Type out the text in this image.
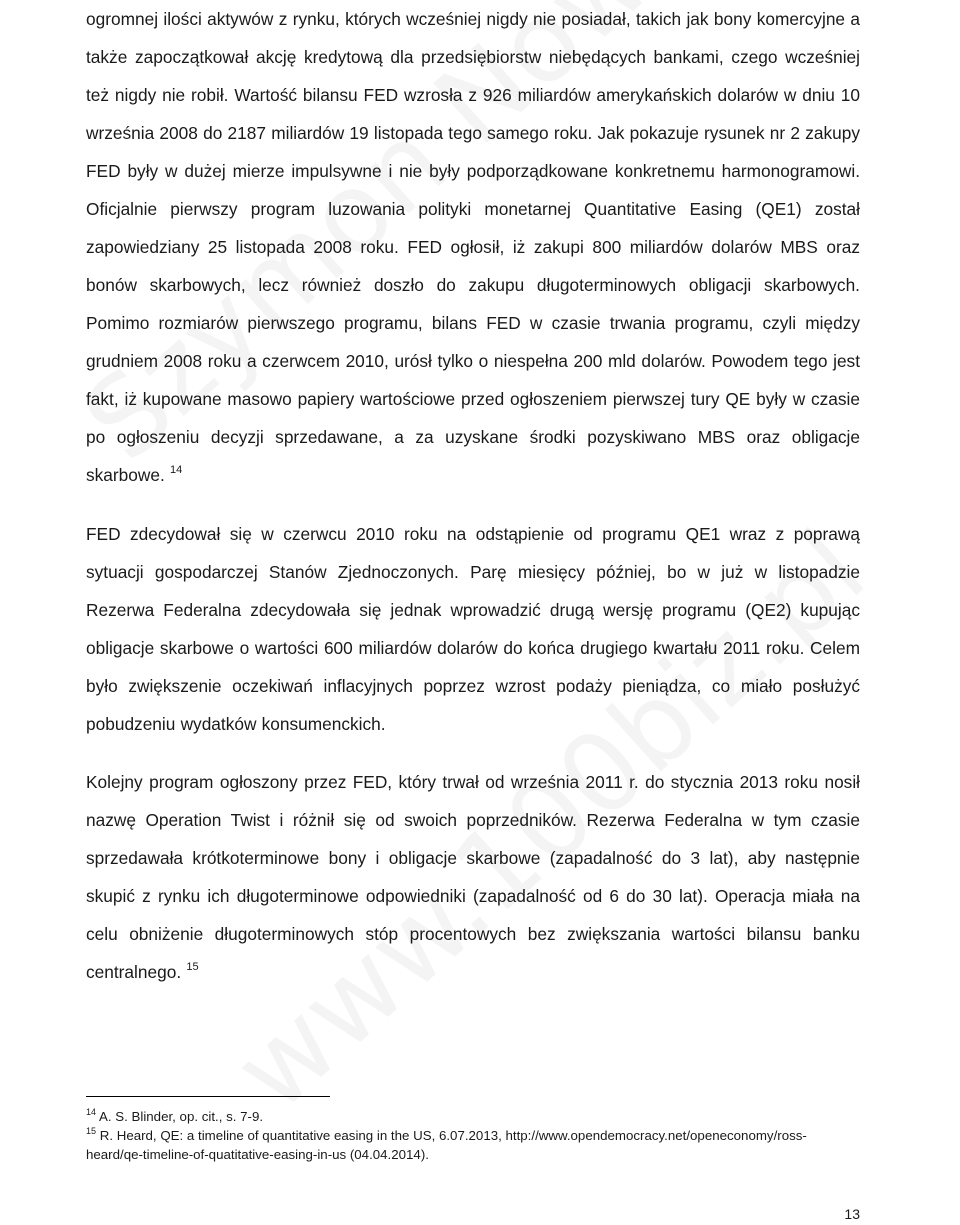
ogromnej ilości aktywów z rynku, których wcześniej nigdy nie posiadał, takich jak bony komercyjne a także zapoczątkował akcję kredytową dla przedsiębiorstw niebędących bankami, czego wcześniej też nigdy nie robił. Wartość bilansu FED wzrosła z 926 miliardów amerykańskich dolarów w dniu 10 września 2008 do 2187 miliardów 19 listopada tego samego roku. Jak pokazuje rysunek nr 2 zakupy FED były w dużej mierze impulsywne i nie były podporządkowane konkretnemu harmonogramowi. Oficjalnie pierwszy program luzowania polityki monetarnej Quantitative Easing (QE1) został zapowiedziany 25 listopada 2008 roku. FED ogłosił, iż zakupi 800 miliardów dolarów MBS oraz bonów skarbowych, lecz również doszło do zakupu długoterminowych obligacji skarbowych. Pomimo rozmiarów pierwszego programu, bilans FED w czasie trwania programu, czyli między grudniem 2008 roku a czerwcem 2010, urósł tylko o niespełna 200 mld dolarów. Powodem tego jest fakt, iż kupowane masowo papiery wartościowe przed ogłoszeniem pierwszej tury QE były w czasie po ogłoszeniu decyzji sprzedawane, a za uzyskane środki pozyskiwano MBS oraz obligacje skarbowe. $^{14}$

FED zdecydował się w czerwcu 2010 roku na odstąpienie od programu QE1 wraz z poprawą sytuacji gospodarczej Stanów Zjednoczonych. Parę miesięcy później, bo w już w listopadzie Rezerwa Federalna zdecydowała się jednak wprowadzić drugą wersję programu (QE2) kupując obligacje skarbowe o wartości 600 miliardów dolarów do końca drugiego kwartału 2011 roku. Celem było zwiększenie oczekiwań inflacyjnych poprzez wzrost podaży pieniądza, co miało posłużyć pobudzeniu wydatków konsumenckich.

Kolejny program ogłoszony przez FED, który trwał od września 2011 r. do stycznia 2013 roku nosił nazwę Operation Twist i różnił się od swoich poprzedników. Rezerwa Federalna w tym czasie sprzedawała krótkoterminowe bony i obligacje skarbowe (zapadalność do 3 lat), aby następnie skupić z rynku ich długoterminowe odpowiedniki (zapadalność od 6 do 30 lat). Operacja miała na celu obniżenie długoterminowych stóp procentowych bez zwiększania wartości bilansu banku centralnego. $^{15}$

$^{14}$ A. S. Blinder, op. cit., s. 7-9.

$^{15}$ R. Heard, QE: a timeline of quantitative easing in the US, 6.07.2013, http://www.opendemocracy.net/openeconomy/ross-heard/qe-timeline-of-quatitative-easing-in-us (04.04.2014).

13
